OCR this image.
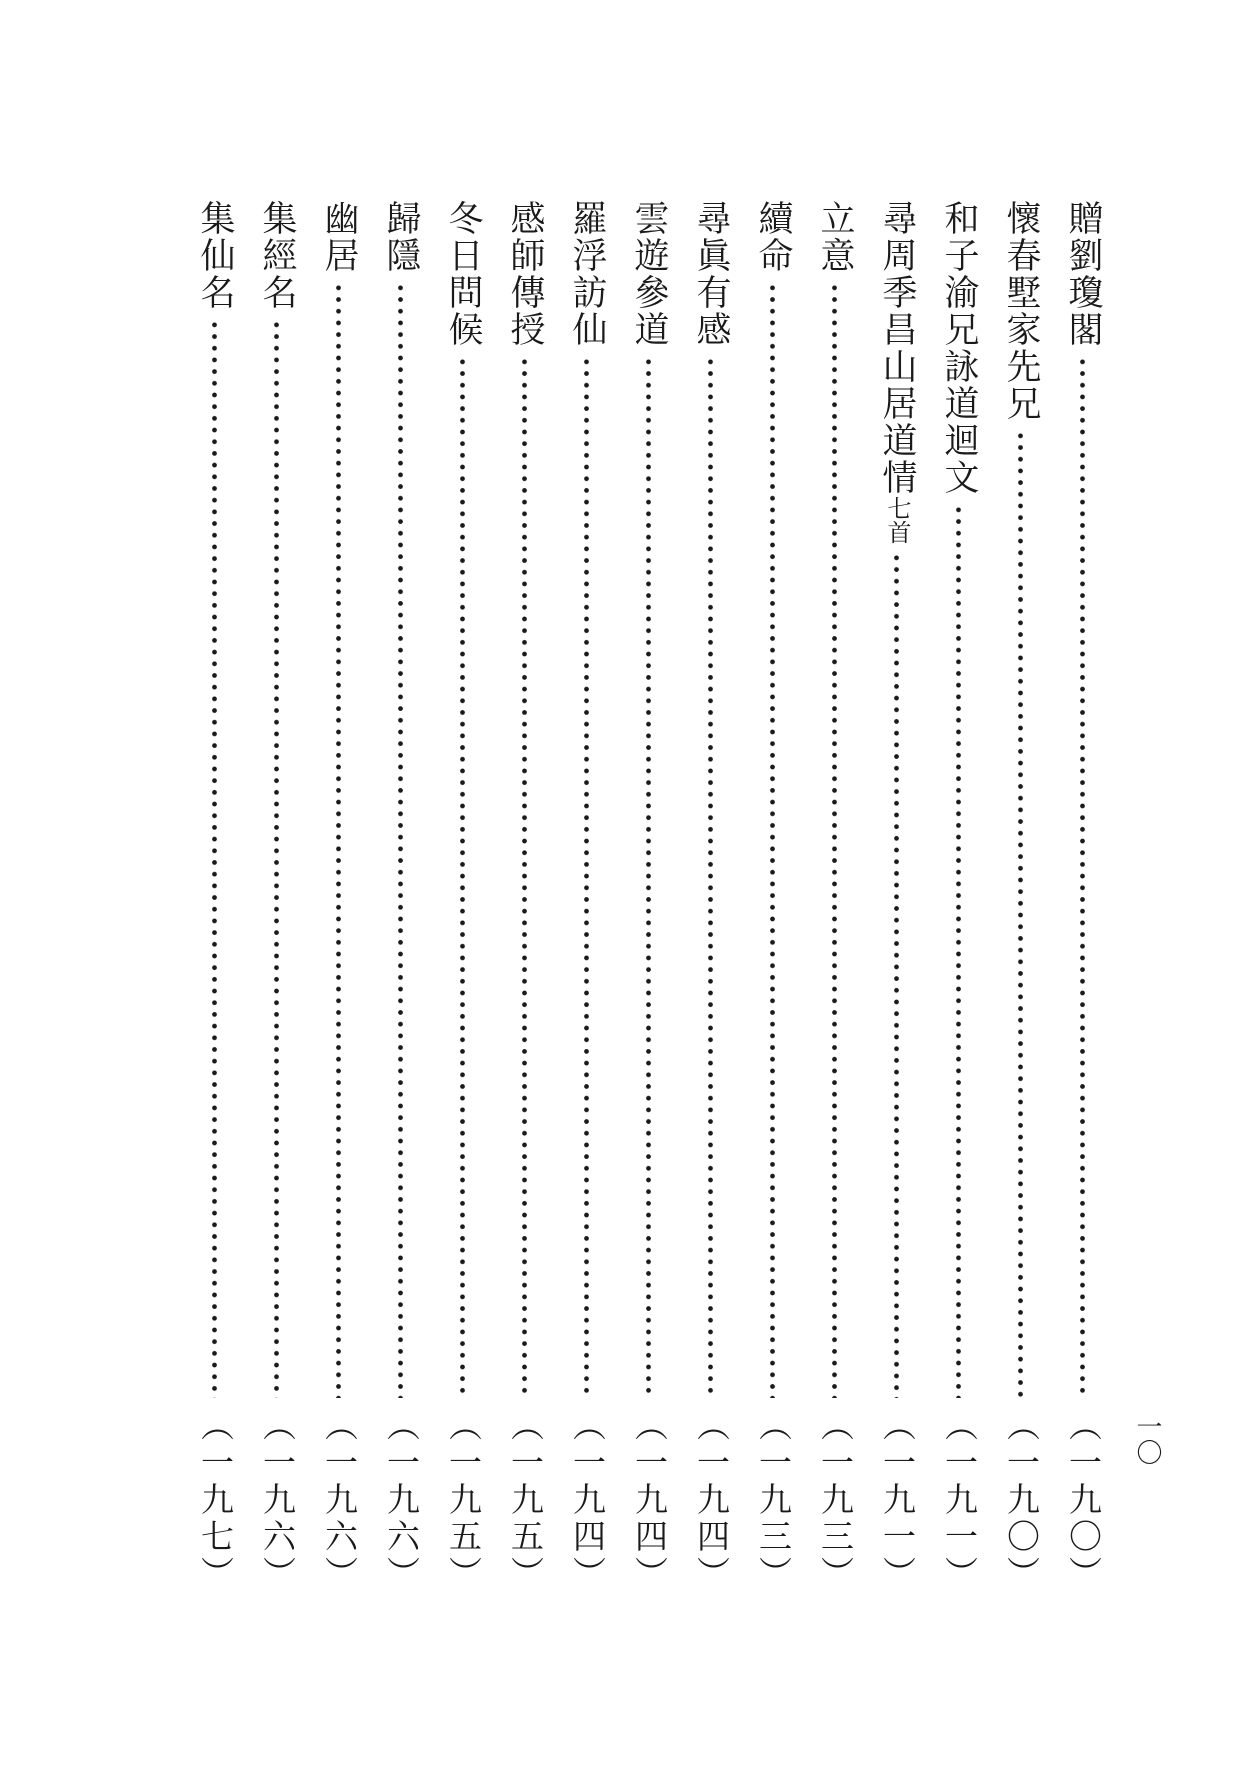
一〇
贈劉瓊閣
（一九〇）
懷春墅家先兄
（一九〇）
和子渝兄詠道迴文
（一九一）
尋周季昌山居道情七首
（一九一）
立意
（一九三）
續命
（一九三）
尋眞有感
（一九四）
雲遊參道
（一九四）
羅浮訪仙
（一九四）
感師傳授
（一九五）
冬日問候
（一九五）
歸隱
（一九六）
幽居
（一九六）
集經名
（一九六）
集仙名
（一九七）
